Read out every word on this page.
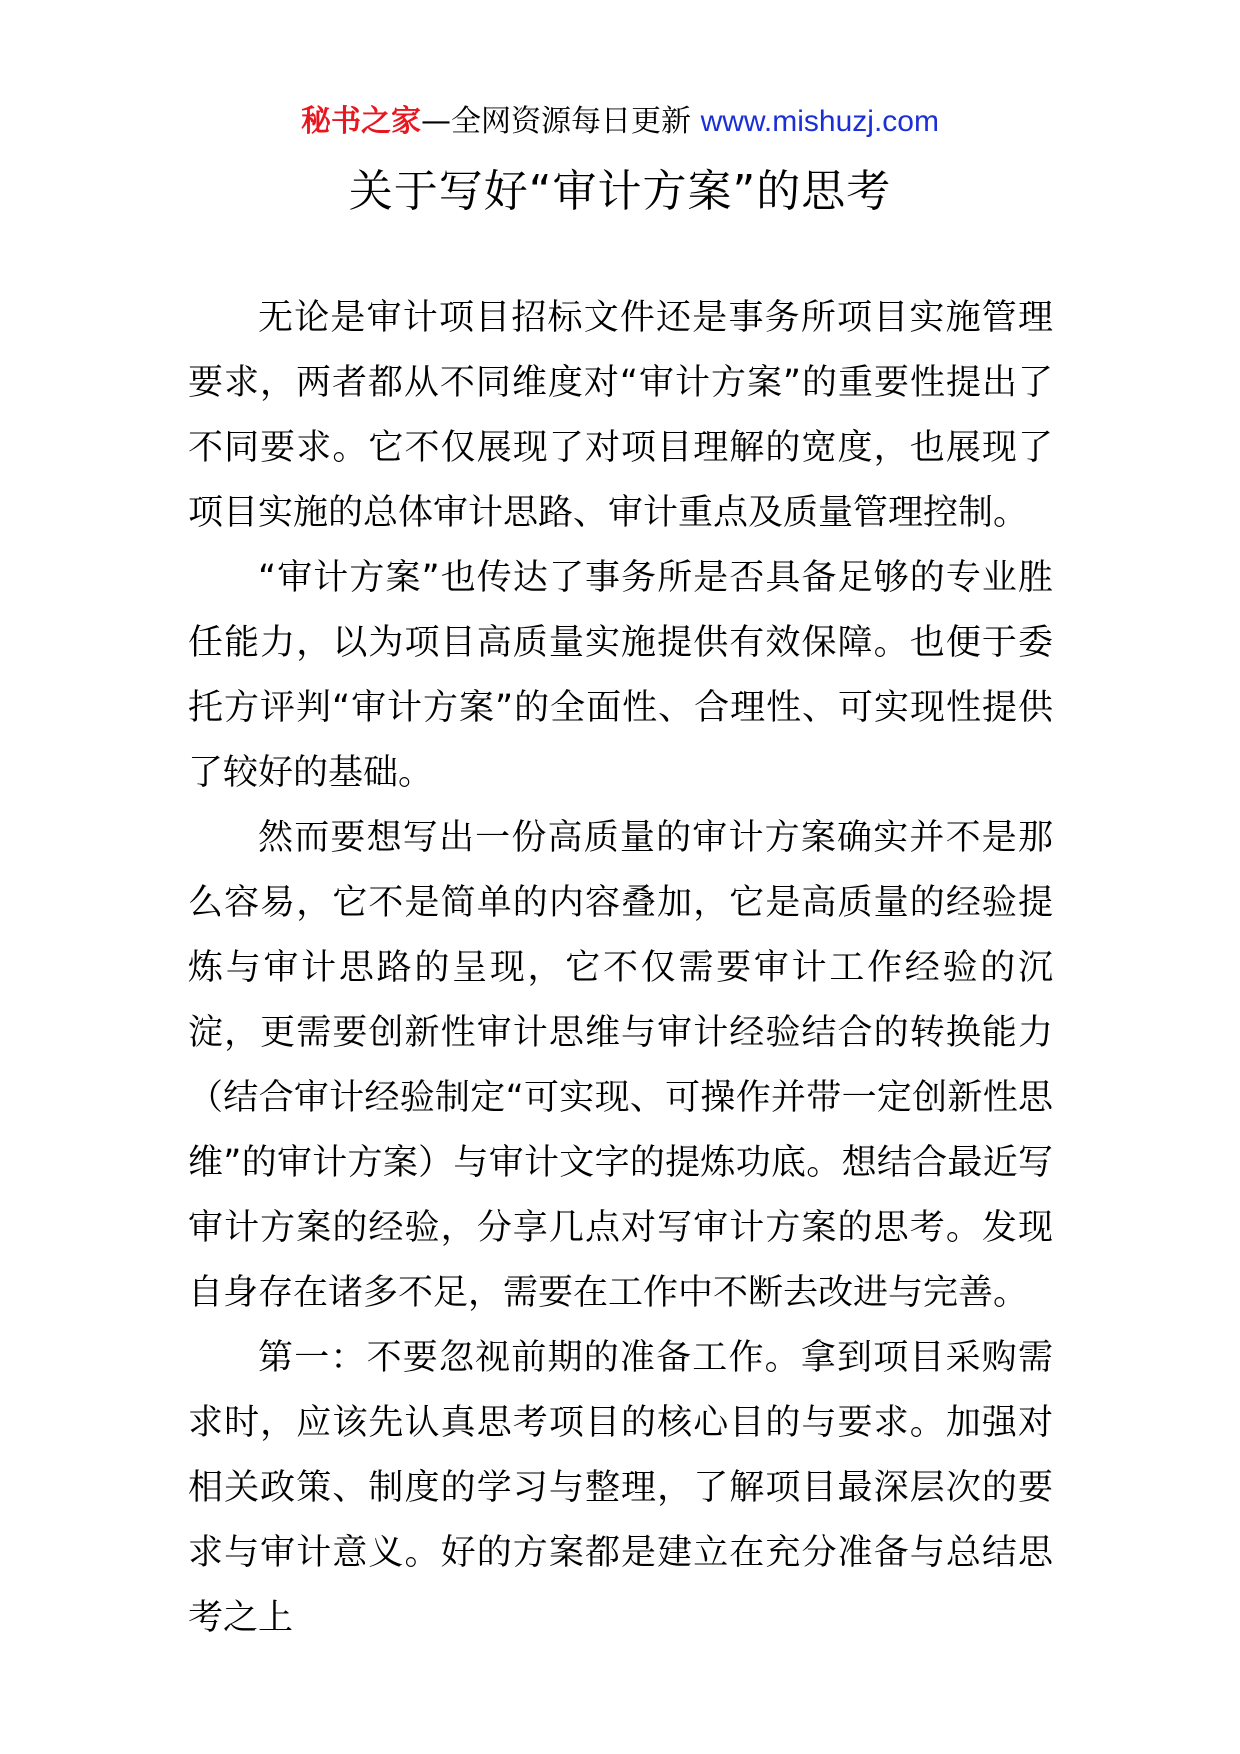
秘书之家—全网资源每日更新 www.mishuzj.com
关于写好“审计方案”的思考

无论是审计项目招标文件还是事务所项目实施管理要求，两者都从不同维度对“审计方案”的重要性提出了不同要求。它不仅展现了对项目理解的宽度，也展现了项目实施的总体审计思路、审计重点及质量管理控制。

“审计方案”也传达了事务所是否具备足够的专业胜任能力，以为项目高质量实施提供有效保障。也便于委托方评判“审计方案”的全面性、合理性、可实现性提供了较好的基础。

然而要想写出一份高质量的审计方案确实并不是那么容易，它不是简单的内容叠加，它是高质量的经验提炼与审计思路的呈现，它不仅需要审计工作经验的沉淀，更需要创新性审计思维与审计经验结合的转换能力（结合审计经验制定“可实现、可操作并带一定创新性思维”的审计方案）与审计文字的提炼功底。想结合最近写审计方案的经验，分享几点对写审计方案的思考。发现自身存在诸多不足，需要在工作中不断去改进与完善。

第一：不要忽视前期的准备工作。拿到项目采购需求时，应该先认真思考项目的核心目的与要求。加强对相关政策、制度的学习与整理，了解项目最深层次的要求与审计意义。好的方案都是建立在充分准备与总结思考之上
